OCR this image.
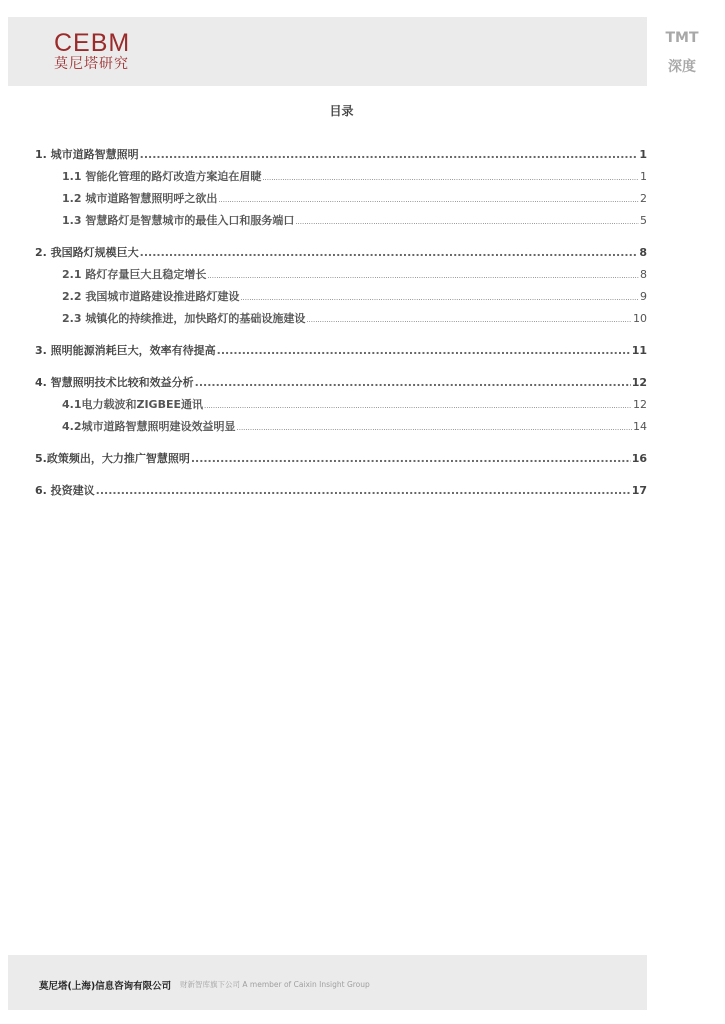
CEBM
莫尼塔研究
TMT
深度
目录
1. 城市道路智慧照明 .....	1
1.1 智能化管理的路灯改造方案迫在眉睫 .....	1
1.2 城市道路智慧照明呼之欲出 .....	2
1.3 智慧路灯是智慧城市的最佳入口和服务端口 .....	5
2. 我国路灯规模巨大 .....	8
2.1 路灯存量巨大且稳定增长 .....	8
2.2 我国城市道路建设推进路灯建设 .....	9
2.3 城镇化的持续推进，加快路灯的基础设施建设 .....	10
3. 照明能源消耗巨大，效率有待提高 .....	11
4. 智慧照明技术比较和效益分析 .....	12
4.1电力载波和ZIGBEE通讯 .....	12
4.2城市道路智慧照明建设效益明显 .....	14
5.政策频出，大力推广智慧照明 .....	16
6. 投资建议 .....	17
莫尼塔(上海)信息咨询有限公司 财新智库旗下公司 A member of Caixin Insight Group
